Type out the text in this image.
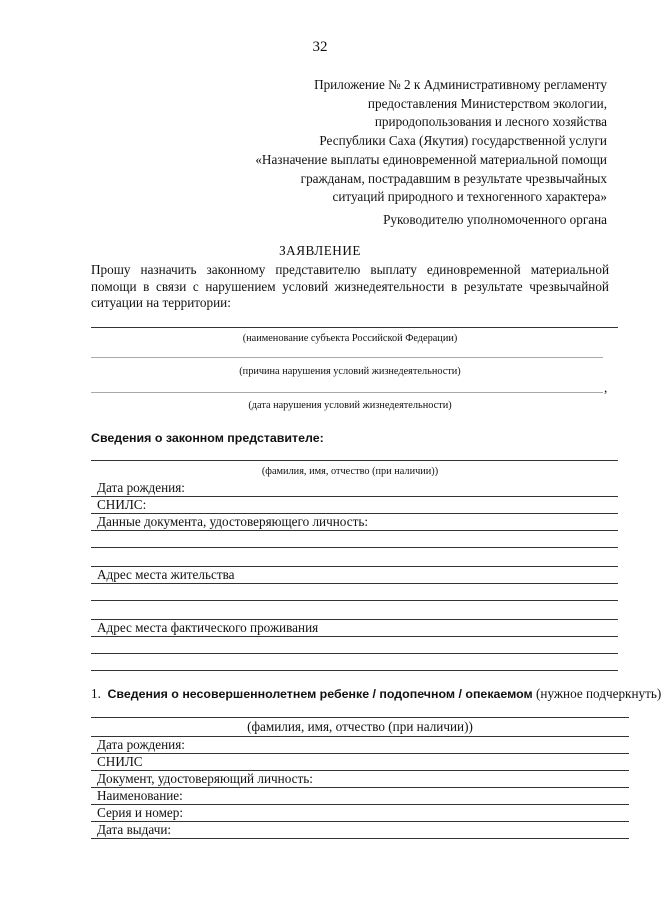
32
Приложение № 2 к Административному регламенту
предоставления Министерством экологии,
природопользования и лесного хозяйства
Республики Саха (Якутия) государственной услуги
«Назначение выплаты единовременной материальной помощи
гражданам, пострадавшим в результате чрезвычайных
ситуаций природного и техногенного характера»
Руководителю уполномоченного органа
ЗАЯВЛЕНИЕ
Прошу назначить законному представителю выплату единовременной материальной
помощи в связи с нарушением условий жизнедеятельности в результате чрезвычайной
ситуации на территории:
(наименование субъекта Российской Федерации)
(причина нарушения условий жизнедеятельности)
,
(дата нарушения условий жизнедеятельности)
Сведения о законном представителе:
(фамилия, имя, отчество (при наличии))
Дата рождения:
СНИЛС:
Данные документа, удостоверяющего личность:
Адрес места жительства
Адрес места фактического проживания
1. Сведения о несовершеннолетнем ребенке / подопечном / опекаемом (нужное подчеркнуть)
(фамилия, имя, отчество (при наличии))
Дата рождения:
СНИЛС
Документ, удостоверяющий личность:
Наименование:
Серия и номер:
Дата выдачи:
